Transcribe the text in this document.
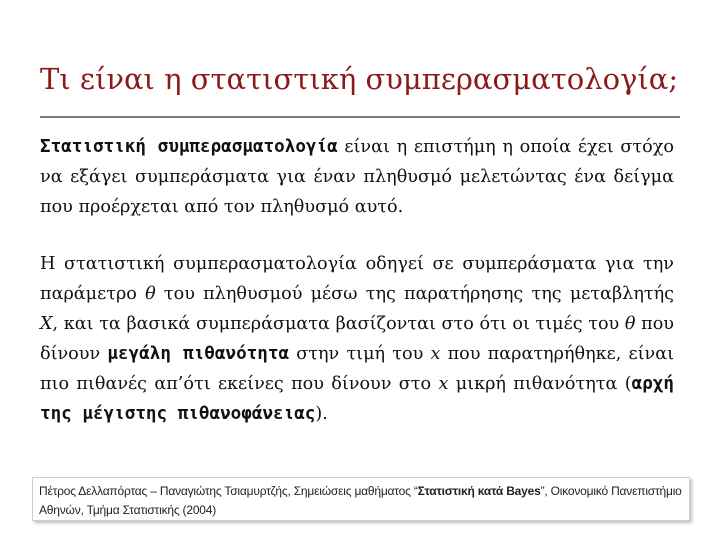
Τι είναι η στατιστική συμπερασματολογία;
Στατιστική συμπερασματολογία είναι η επιστήμη η οποία έχει στόχο να εξάγει συμπεράσματα για έναν πληθυσμό μελετώντας ένα δείγμα που προέρχεται από τον πληθυσμό αυτό.
Η στατιστική συμπερασματολογία οδηγεί σε συμπεράσματα για την παράμετρο θ του πληθυσμού μέσω της παρατήρησης της μεταβλητής X, και τα βασικά συμπεράσματα βασίζονται στο ότι οι τιμές του θ που δίνουν μεγάλη πιθανότητα στην τιμή του x που παρατηρήθηκε, είναι πιο πιθανές απ’ότι εκείνες που δίνουν στο x μικρή πιθανότητα (αρχή της μέγιστης πιθανοφάνειας).
Πέτρος Δελλαπόρτας – Παναγιώτης Τσιαμυρτζής, Σημειώσεις μαθήματος “Στατιστική κατά Bayes”, Οικονομικό Πανεπιστήμιο Αθηνών, Τμήμα Στατιστικής (2004)
